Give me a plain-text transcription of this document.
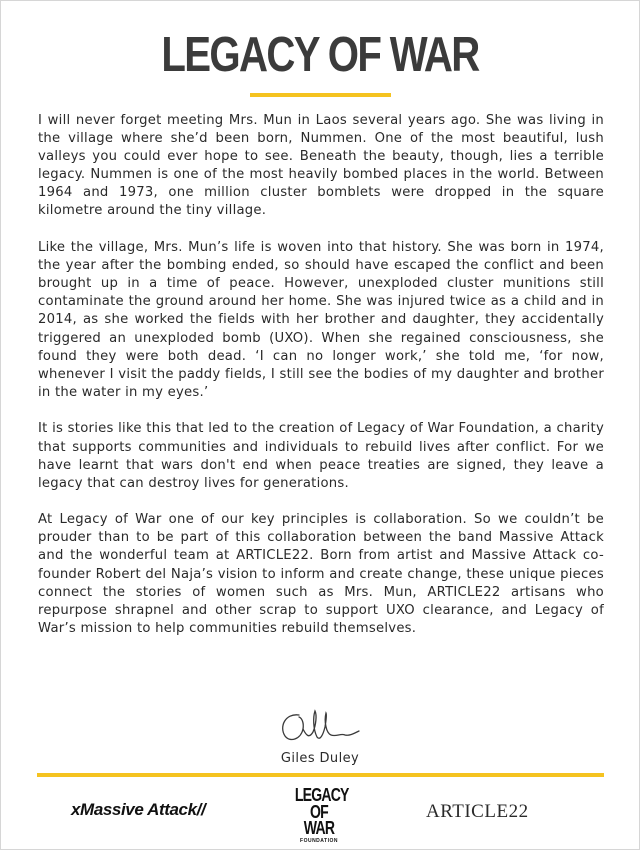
LEGACY OF WAR

I will never forget meeting Mrs. Mun in Laos several years ago. She was living in the village where she’d been born, Nummen. One of the most beautiful, lush valleys you could ever hope to see. Beneath the beauty, though, lies a terrible legacy. Nummen is one of the most heavily bombed places in the world. Between 1964 and 1973, one million cluster bomblets were dropped in the square kilometre around the tiny village.

Like the village, Mrs. Mun’s life is woven into that history. She was born in 1974, the year after the bombing ended, so should have escaped the conflict and been brought up in a time of peace. However, unexploded cluster munitions still contaminate the ground around her home. She was injured twice as a child and in 2014, as she worked the fields with her brother and daughter, they accidentally triggered an unexploded bomb (UXO). When she regained consciousness, she found they were both dead. ‘I can no longer work,’ she told me, ‘for now, whenever I visit the paddy fields, I still see the bodies of my daughter and brother in the water in my eyes.’

It is stories like this that led to the creation of Legacy of War Foundation, a charity that supports communities and individuals to rebuild lives after conflict. For we have learnt that wars don't end when peace treaties are signed, they leave a legacy that can destroy lives for generations.

At Legacy of War one of our key principles is collaboration. So we couldn’t be prouder than to be part of this collaboration between the band Massive Attack and the wonderful team at ARTICLE22. Born from artist and Massive Attack co-founder Robert del Naja’s vision to inform and create change, these unique pieces connect the stories of women such as Mrs. Mun, ARTICLE22 artisans who repurpose shrapnel and other scrap to support UXO clearance, and Legacy of War’s mission to help communities rebuild themselves.

Giles Duley
xMassive Attack//
LEGACY
OF WAR
FOUNDATION
ARTICLE22
